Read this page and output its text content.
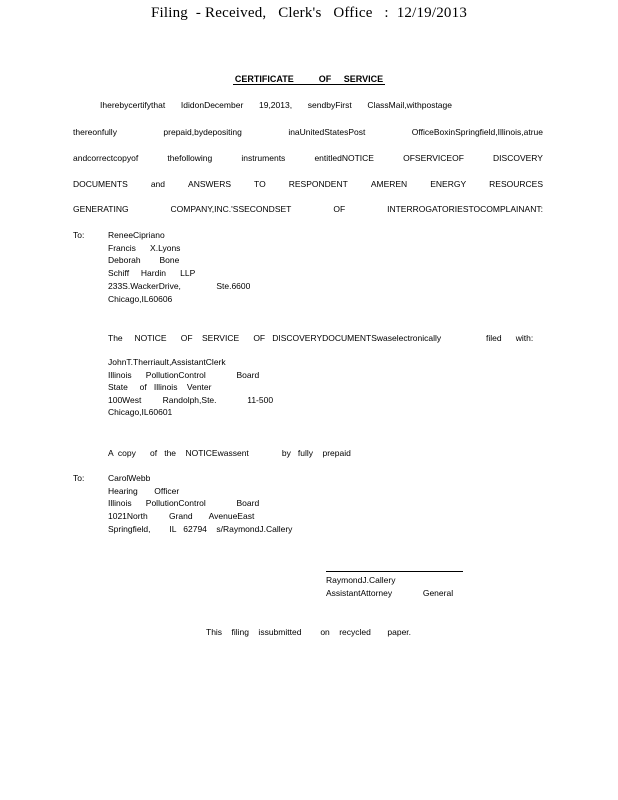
Filing  - Received,   Clerk's   Office   :  12/19/2013
CERTIFICATE          OF     SERVICE
Iherebycertifythat IdidonDecember 19,2013, sendbyFirst ClassMail,withpostage
thereonfully	prepaid,bydepositing	inaUnitedStatesPost	OfficeBoxinSpringfield,Illinois,atrue
andcorrectcopyof	thefollowing	instruments	entitledNOTICE	OFSERVICEOF	DISCOVERY
DOCUMENTS	and	ANSWERS	TO	RESPONDENT	AMEREN	ENERGY	RESOURCES
GENERATING	COMPANY,INC.'SSECONDSET	OF	INTERROGATORIESTOCOMPLAINANT:
To:	ReneeCipriano
Francis      X.Lyons
Deborah        Bone
Schiff     Hardin      LLP
233S.WackerDrive,               Ste.6600
Chicago,IL60606
The     NOTICE      OF    SERVICE      OF   DISCOVERYDOCUMENTSwaselectronically	filed      with:
JohnT.Therriault,AssistantClerk
Illinois      PollutionControl             Board
State     of   Illinois    Venter
100West         Randolph,Ste.             11-500
Chicago,IL60601
A  copy      of   the    NOTICEwassent              by   fully    prepaid
To:	CarolWebb
Hearing       Officer
Illinois      PollutionControl             Board
1021North         Grand       AvenueEast
Springfield,        IL   62794    s/RaymondJ.Callery
RaymondJ.Callery
AssistantAttorney             General
This    filing    issubmitted        on    recycled       paper.
